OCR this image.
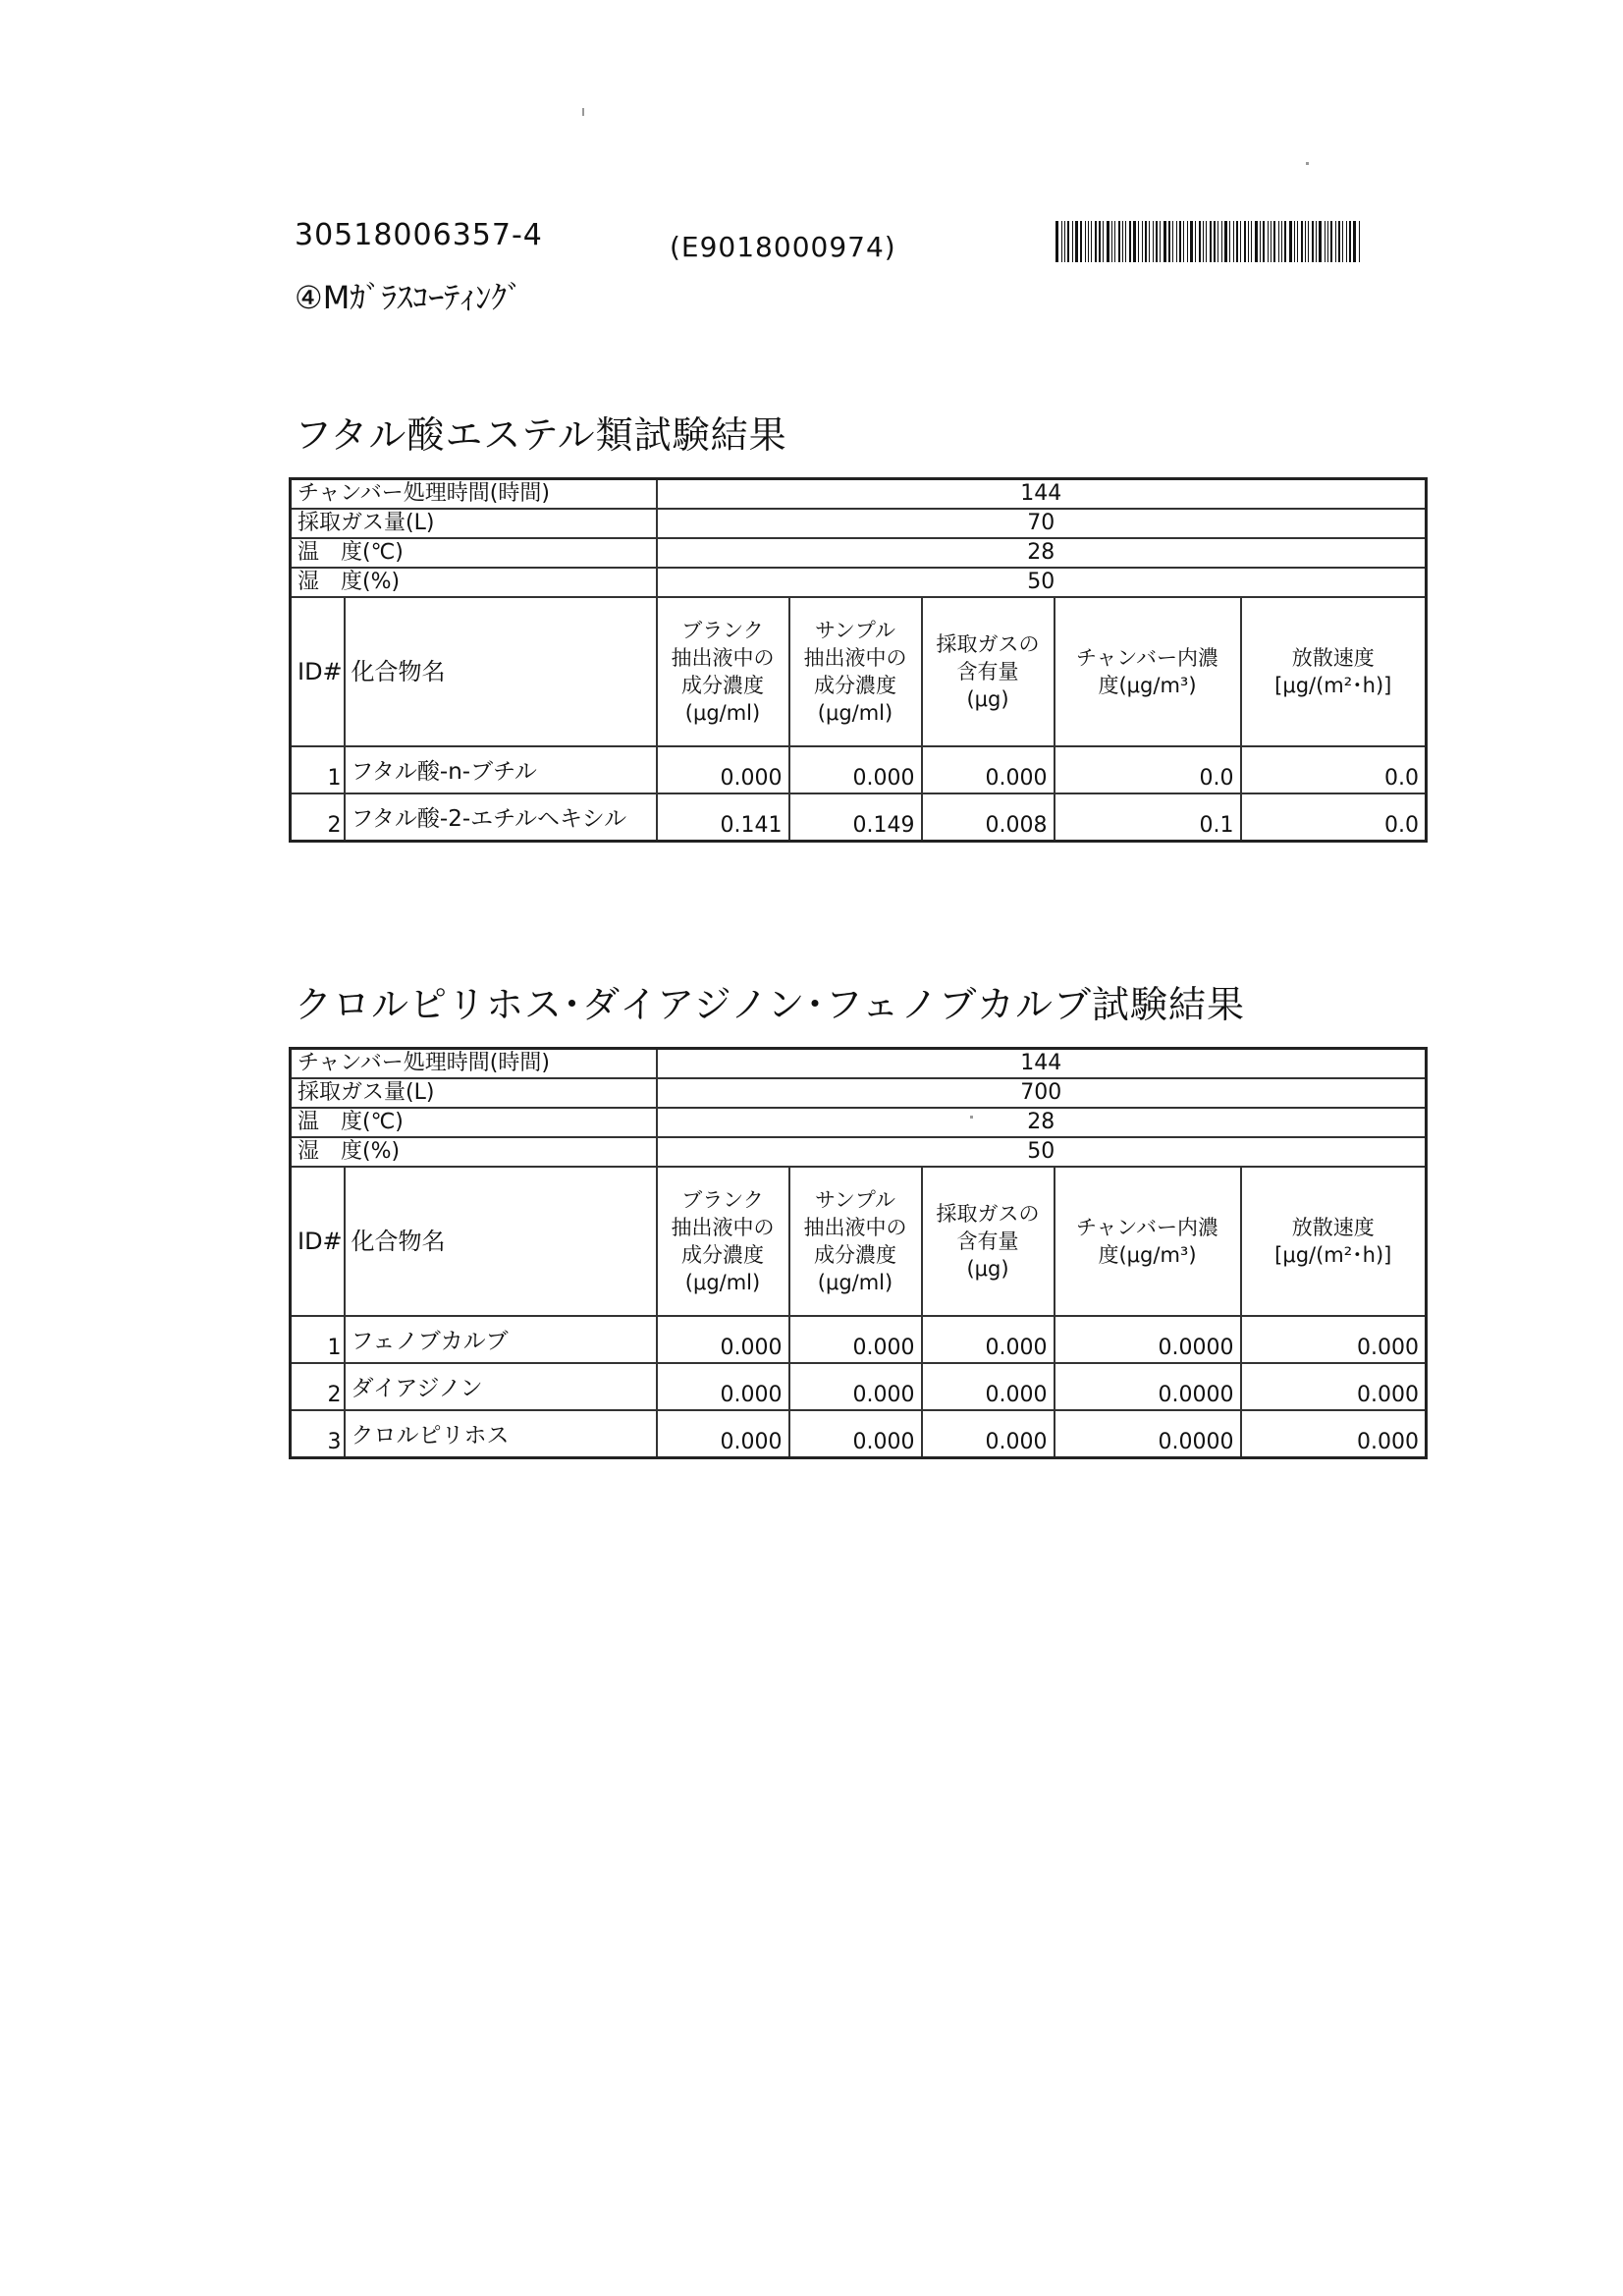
30518006357-4	(E9018000974)
④Mｶﾞﾗｽｺｰﾃｨﾝｸﾞ
フタル酸エステル類試験結果
チャンバー処理時間(時間)		144				
採取ガス量(L)		70				
温　度(℃)		28				
湿　度(%)		50				
ID#	化合物名	ブランク
抽出液中の
成分濃度
(μg/ml)	サンプル
抽出液中の
成分濃度
(μg/ml)	採取ガスの
含有量
(μg)	チャンバー内濃
度(μg/m³)	放散速度
[μg/(m²･h)]
1	フタル酸-n-ブチル	0.000	0.000	0.000	0.0	0.0
2	フタル酸-2-エチルヘキシル	0.141	0.149	0.008	0.1	0.0
クロルピリホス･ダイアジノン･フェノブカルブ試験結果
チャンバー処理時間(時間)		144				
採取ガス量(L)		700				
温　度(℃)		28				
湿　度(%)		50				
ID#	化合物名	ブランク
抽出液中の
成分濃度
(μg/ml)	サンプル
抽出液中の
成分濃度
(μg/ml)	採取ガスの
含有量
(μg)	チャンバー内濃
度(μg/m³)	放散速度
[μg/(m²･h)]
1	フェノブカルブ	0.000	0.000	0.000	0.0000	0.000
2	ダイアジノン	0.000	0.000	0.000	0.0000	0.000
3	クロルピリホス	0.000	0.000	0.000	0.0000	0.000
